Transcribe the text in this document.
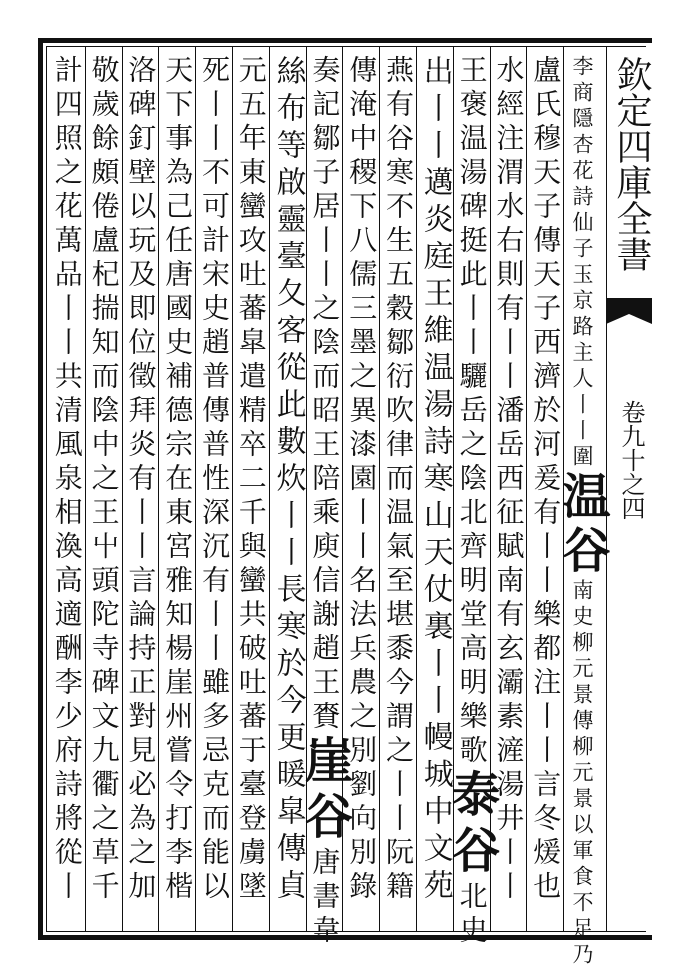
欽定四庫全書
卷九十之四
李商隱杏花詩仙子玉京路主人
丨丨
圍
温谷
南史柳元景傳柳元景以軍食不足乃
盧氏穆天子傳天子西濟於河爰有
丨丨
樂都注
丨丨
言冬煖也
水經注渭水右則有
丨丨
潘岳西征賦南有玄灞素滻湯井
丨丨
王褒温湯碑挺此
丨丨
驪岳之陰北齊明堂高明樂歌
泰谷
北史
出
丨丨
邁炎庭王維温湯詩寒山天仗裏
丨丨
幔城中
文苑
燕有谷寒不生五穀鄒衍吹律而温氣至堪黍今謂之
丨丨
阮籍
傳淹中稷下八儒三墨之異漆園
丨丨
名法兵農之別劉向別錄
奏記鄒子居
丨丨
之陰而昭王陪乘庾信謝趙王賚
崖谷
唐書韋
絲布等啟靈臺夂客從此數炊
丨丨
長寒於今更暖
皐傳貞
元五年東蠻攻吐蕃皐遣精卒二千與蠻共破吐蕃于臺登虜墜
死
丨丨
不可計宋史趙普傳普性深沉有
丨丨
雖多忌克而能以
天下事為己任唐國史補德宗在東宮雅知楊崖州嘗令打李楷
洛碑釘壁以玩及即位徵拜炎有
丨丨
言論持正對見必為之加
敬歲餘頗倦盧杞揣知而陰中之王屮頭陀寺碑文九衢之草千
計四照之花萬品
丨丨
共清風泉相渙高適酬李少府詩將從
丨
